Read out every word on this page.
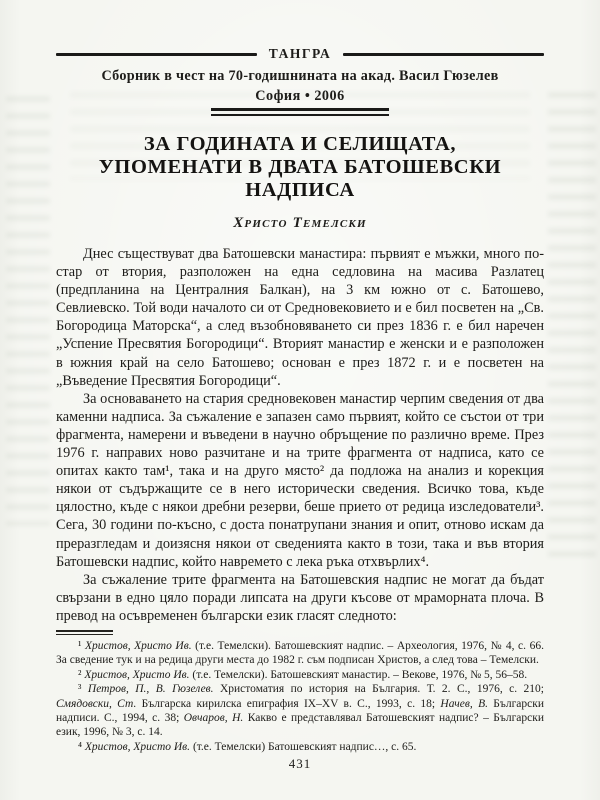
ТАНГРА
Сборник в чест на 70-годишнината на акад. Васил Гюзелев
София • 2006
ЗА ГОДИНАТА И СЕЛИЩАТА,
УПОМЕНАТИ В ДВАТА БАТОШЕВСКИ НАДПИСА
Христо Темелски

Днес съществуват два Батошевски манастира: първият е мъжки, много по-стар от втория, разположен на една седловина на масива Разлатец (предпланина на Централния Балкан), на 3 км южно от с. Батошево, Севлиевско. Той води началото си от Средновековието и е бил посветен на „Св. Богородица Маторска“, а след възобновяването си през 1836 г. е бил наречен „Успение Пресвятия Богородици“. Вторият манастир е женски и е разположен в южния край на село Батошево; основан е през 1872 г. и е посветен на „Въведение Пресвятия Богородици“.

За основаването на стария средновековен манастир черпим сведения от два каменни надписа. За съжаление е запазен само първият, който се състои от три фрагмента, намерени и въведени в научно обръщение по различно време. През 1976 г. направих ново разчитане и на трите фрагмента от надписа, като се опитах както там¹, така и на друго място² да подложа на анализ и корекция някои от съдържащите се в него исторически сведения. Всичко това, къде цялостно, къде с някои дребни резерви, беше прието от редица изследователи³. Сега, 30 години по-късно, с доста понатрупани знания и опит, отново искам да преразгледам и доизясня някои от сведенията както в този, така и във втория Батошевски надпис, който навремето с лека ръка отхвърлих⁴.

За съжаление трите фрагмента на Батошевския надпис не могат да бъдат свързани в едно цяло поради липсата на други късове от мраморната плоча. В превод на осъвременен български език гласят следното:

¹ Христов, Христо Ив. (т.е. Темелски). Батошевският надпис. – Археология, 1976, № 4, с. 66. За сведение тук и на редица други места до 1982 г. съм подписан Христов, а след това – Темелски.

² Христов, Христо Ив. (т.е. Темелски). Батошевският манастир. – Векове, 1976, № 5, 56–58.

³ Петров, П., В. Гюзелев. Христоматия по история на България. Т. 2. С., 1976, с. 210; Смядовски, Ст. Българска кирилска епиграфия IX–XV в. С., 1993, с. 18; Начев, В. Български надписи. С., 1994, с. 38; Овчаров, Н. Какво е представлявал Батошевският надпис? – Български език, 1996, № 3, с. 14.

⁴ Христов, Христо Ив. (т.е. Темелски) Батошевският надпис…, с. 65.

431
